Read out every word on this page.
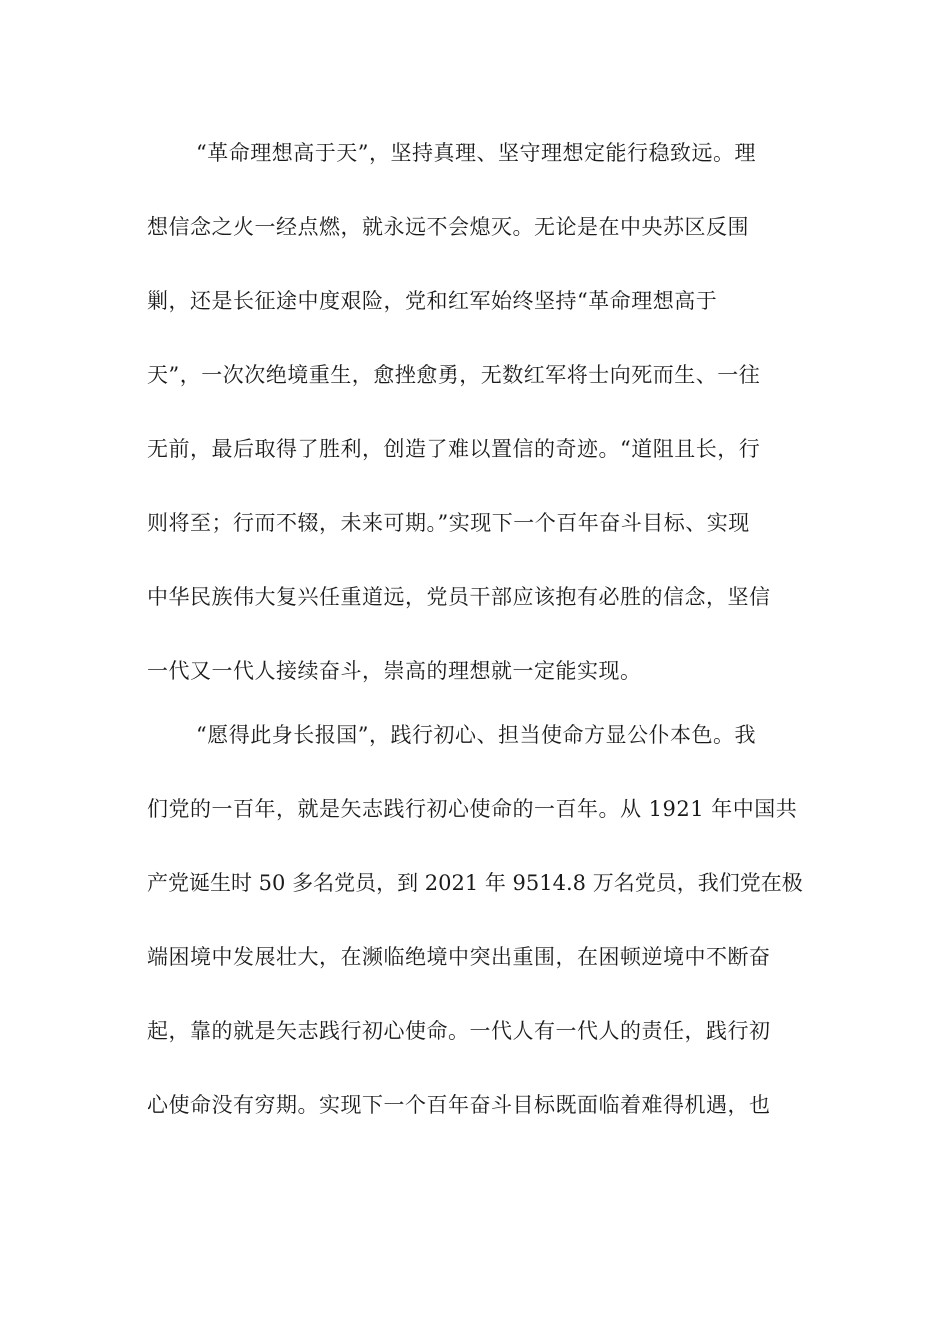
“革命理想高于天”，坚持真理、坚守理想定能行稳致远。理
想信念之火一经点燃，就永远不会熄灭。无论是在中央苏区反围
剿，还是长征途中度艰险，党和红军始终坚持“革命理想高于
天”，一次次绝境重生，愈挫愈勇，无数红军将士向死而生、一往
无前，最后取得了胜利，创造了难以置信的奇迹。“道阻且长，行
则将至；行而不辍，未来可期。”实现下一个百年奋斗目标、实现
中华民族伟大复兴任重道远，党员干部应该抱有必胜的信念，坚信
一代又一代人接续奋斗，崇高的理想就一定能实现。
“愿得此身长报国”，践行初心、担当使命方显公仆本色。我
们党的一百年，就是矢志践行初心使命的一百年。从 1921 年中国共
产党诞生时 50 多名党员，到 2021 年 9514.8 万名党员，我们党在极
端困境中发展壮大，在濒临绝境中突出重围，在困顿逆境中不断奋
起，靠的就是矢志践行初心使命。一代人有一代人的责任，践行初
心使命没有穷期。实现下一个百年奋斗目标既面临着难得机遇，也
